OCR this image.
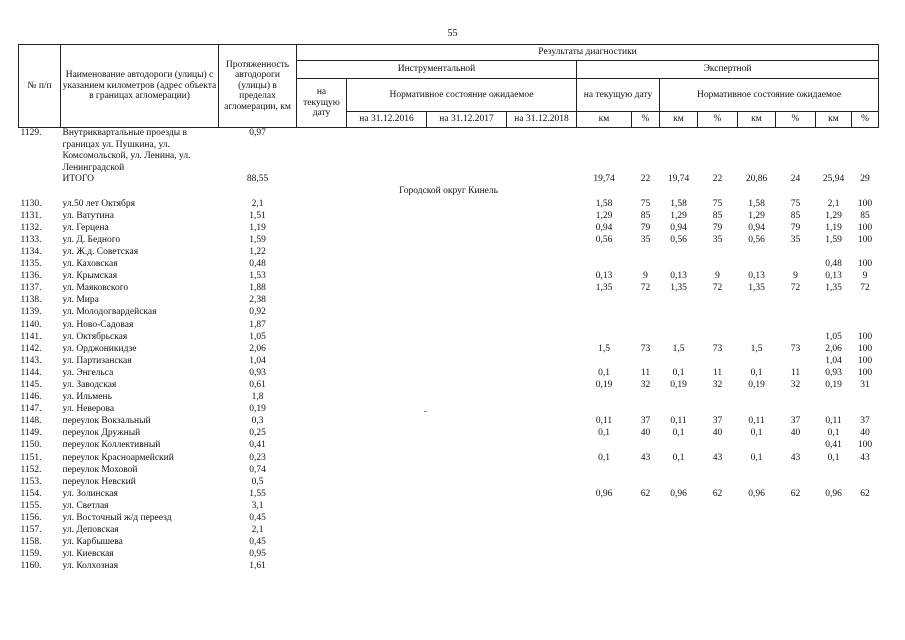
55
№ п/п	Наименование автодороги (улицы) с указанием километров (адрес объекта в границах агломерации)	Протяженность автодороги (улицы) в пределах агломерации, км	Результаты диагностики											
			Инструментальной				Экспертной							
			на текущую дату	Нормативное состояние ожидаемое			на текущую дату		Нормативное состояние ожидаемое					
				на 31.12.2016	на 31.12.2017	на 31.12.2018	км	%	км	%	км	%	км	%
1129.	Внутриквартальные проезды в границах ул. Пушкина, ул. Комсомольской, ул. Ленина, ул. Ленинградской	0,97												
	ИТОГО	88,55					19,74	22	19,74	22	20,86	24	25,94	29
Городской округ Кинель														
1130.	ул.50 лет Октября	2,1					1,58	75	1,58	75	1,58	75	2,1	100
1131.	ул. Ватутина	1,51					1,29	85	1,29	85	1,29	85	1,29	85
1132.	ул. Герцена	1,19					0,94	79	0,94	79	0,94	79	1,19	100
1133.	ул. Д. Бедного	1,59					0,56	35	0,56	35	0,56	35	1,59	100
1134.	ул. Ж.д. Советская	1,22												
1135.	ул. Каховская	0,48											0,48	100
1136.	ул. Крымская	1,53					0,13	9	0,13	9	0,13	9	0,13	9
1137.	ул. Маяковского	1,88					1,35	72	1,35	72	1,35	72	1,35	72
1138.	ул. Мира	2,38												
1139.	ул. Молодогвардейская	0,92												
1140.	ул. Ново-Садовая	1,87												
1141.	ул. Октябрьская	1,05											1,05	100
1142.	ул. Орджоникидзе	2,06					1,5	73	1,5	73	1,5	73	2,06	100
1143.	ул. Партизанская	1,04											1,04	100
1144.	ул. Энгельса	0,93					0,1	11	0,1	11	0,1	11	0,93	100
1145.	ул. Заводская	0,61					0,19	32	0,19	32	0,19	32	0,19	31
1146.	ул. Ильмень	1,8												
1147.	ул. Неверова	0,19												
1148.	переулок Вокзальный	0,3					0,11	37	0,11	37	0,11	37	0,11	37
1149.	переулок Дружный	0,25					0,1	40	0,1	40	0,1	40	0,1	40
1150.	переулок Коллективный	0,41											0,41	100
1151.	переулок Красноармейский	0,23					0,1	43	0,1	43	0,1	43	0,1	43
1152.	переулок Моховой	0,74												
1153.	переулок Невский	0,5												
1154.	ул. Золинская	1,55					0,96	62	0,96	62	0,96	62	0,96	62
1155.	ул. Светлая	3,1												
1156.	ул. Восточный ж/д переезд	0,45												
1157.	ул. Деповская	2,1												
1158.	ул. Карбышева	0,45												
1159.	ул. Киевская	0,95												
1160.	ул. Колхозная	1,61												
